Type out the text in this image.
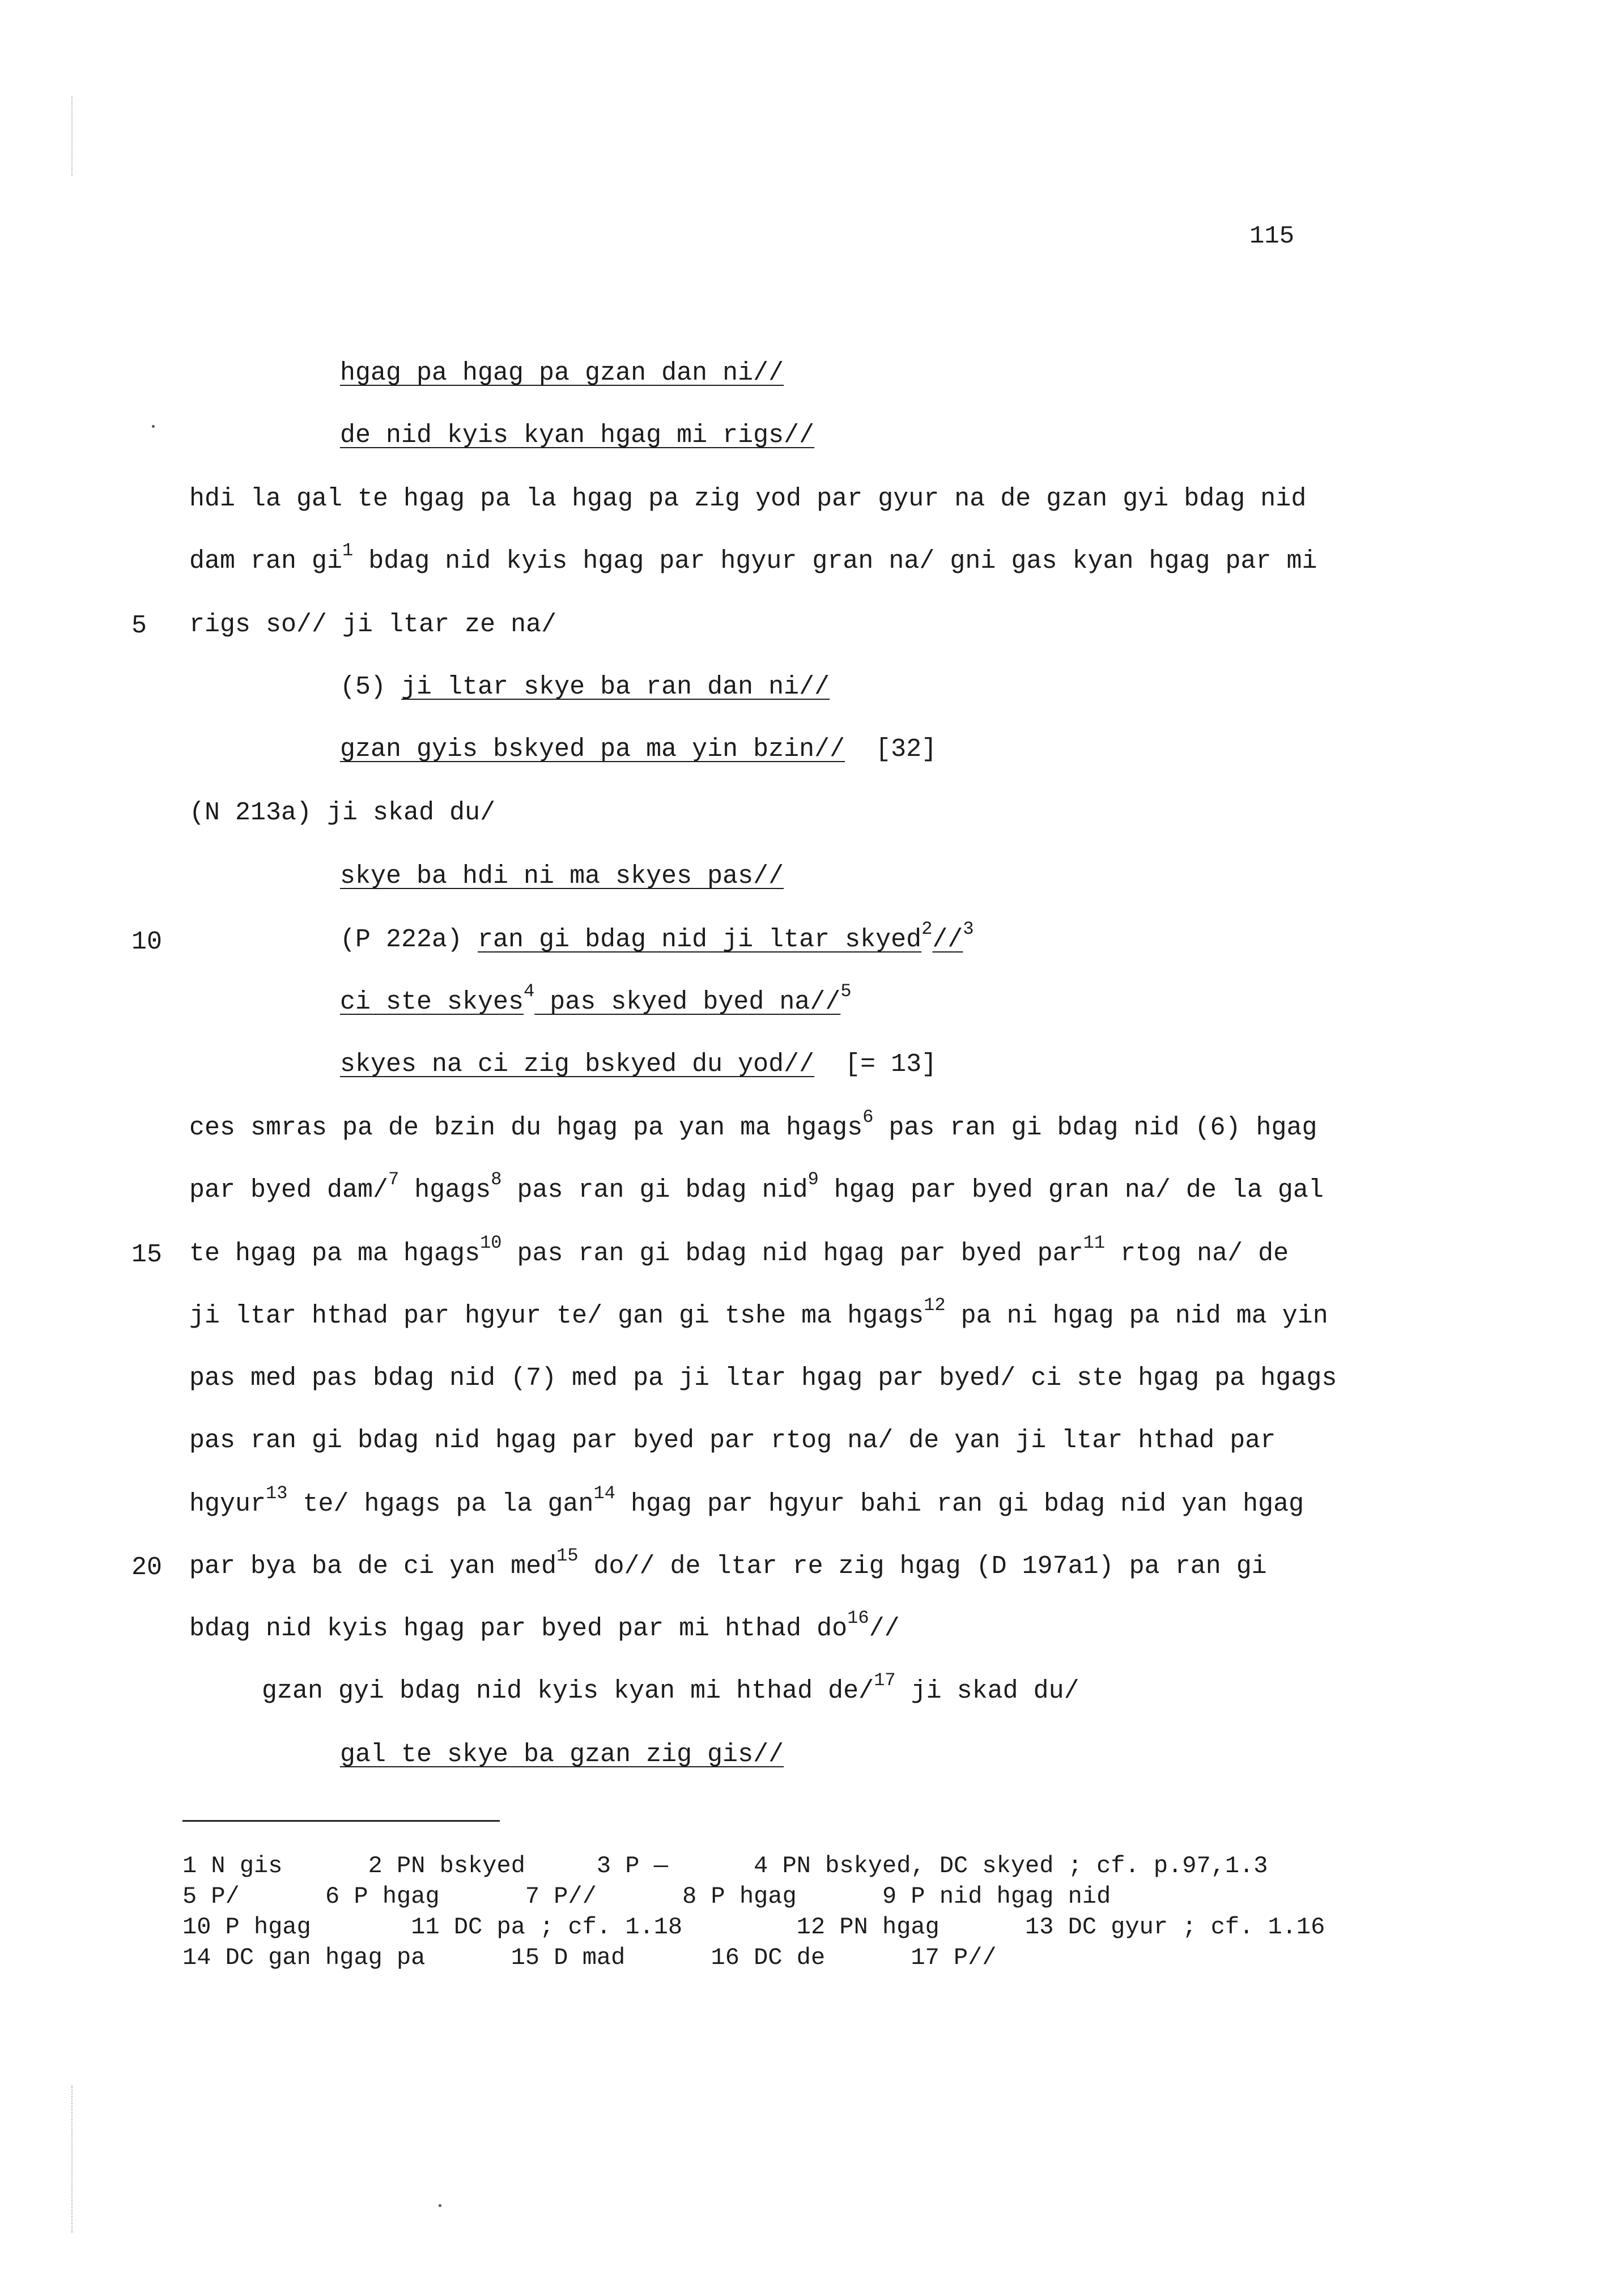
115
hgag pa hgag pa gzan dan ni//
de nid kyis kyan hgag mi rigs//
hdi la gal te hgag pa la hgag pa zig yod par gyur na de gzan gyi bdag nid
dam ran $gi^1$ bdag nid kyis hgag par hgyur gran na/ gni gas kyan hgag par mi
5 rigs so// ji ltar ze na/
(5) ji ltar skye ba ran dan ni//
gzan gyis bskyed pa ma yin bzin// [32]
(N 213a) ji skad du/
skye ba hdi ni ma skyes pas//
10	(P 222a) ran gi bdag nid ji ltar skyed$^2$//$^3$
ci ste skyes$^4$ pas skyed byed na//$^5$
skyes na ci zig bskyed du yod// [= 13]
ces smras pa de bzin du hgag pa yan ma hgags$^6$ pas ran gi bdag nid (6) hgag
par byed dam/$^7$ hgags$^8$ pas ran gi bdag nid$^9$ hgag par byed gran na/ de la gal
15 te hgag pa ma hgags$^{10}$ pas ran gi bdag nid hgag par byed par$^{11}$ rtog na/ de
ji ltar hthad par hgyur te/ gan gi tshe ma hgags$^{12}$ pa ni hgag pa nid ma yin
pas med pas bdag nid (7) med pa ji ltar hgag par byed/ ci ste hgag pa hgags
pas ran gi bdag nid hgag par byed par rtog na/ de yan ji ltar hthad par
hgyur$^{13}$ te/ hgags pa la gan$^{14}$ hgag par hgyur bahi ran gi bdag nid yan hgag
20 par bya ba de ci yan med$^{15}$ do// de ltar re zig hgag (D 197a1) pa ran gi
bdag nid kyis hgag par byed par mi hthad $do^{16}//$
gzan gyi bdag nid kyis kyan mi hthad de/$^{17}$ ji skad du/
gal te skye ba gzan zig gis//
1 N gis      2 PN bskyed     3 P —      4 PN bskyed, DC skyed ; cf. p.97,1.3
5 P/      6 P hgag      7 P//      8 P hgag      9 P nid hgag nid
10 P hgag       11 DC pa ; cf. 1.18        12 PN hgag      13 DC gyur ; cf. 1.16
14 DC gan hgag pa      15 D mad      16 DC de      17 P//
